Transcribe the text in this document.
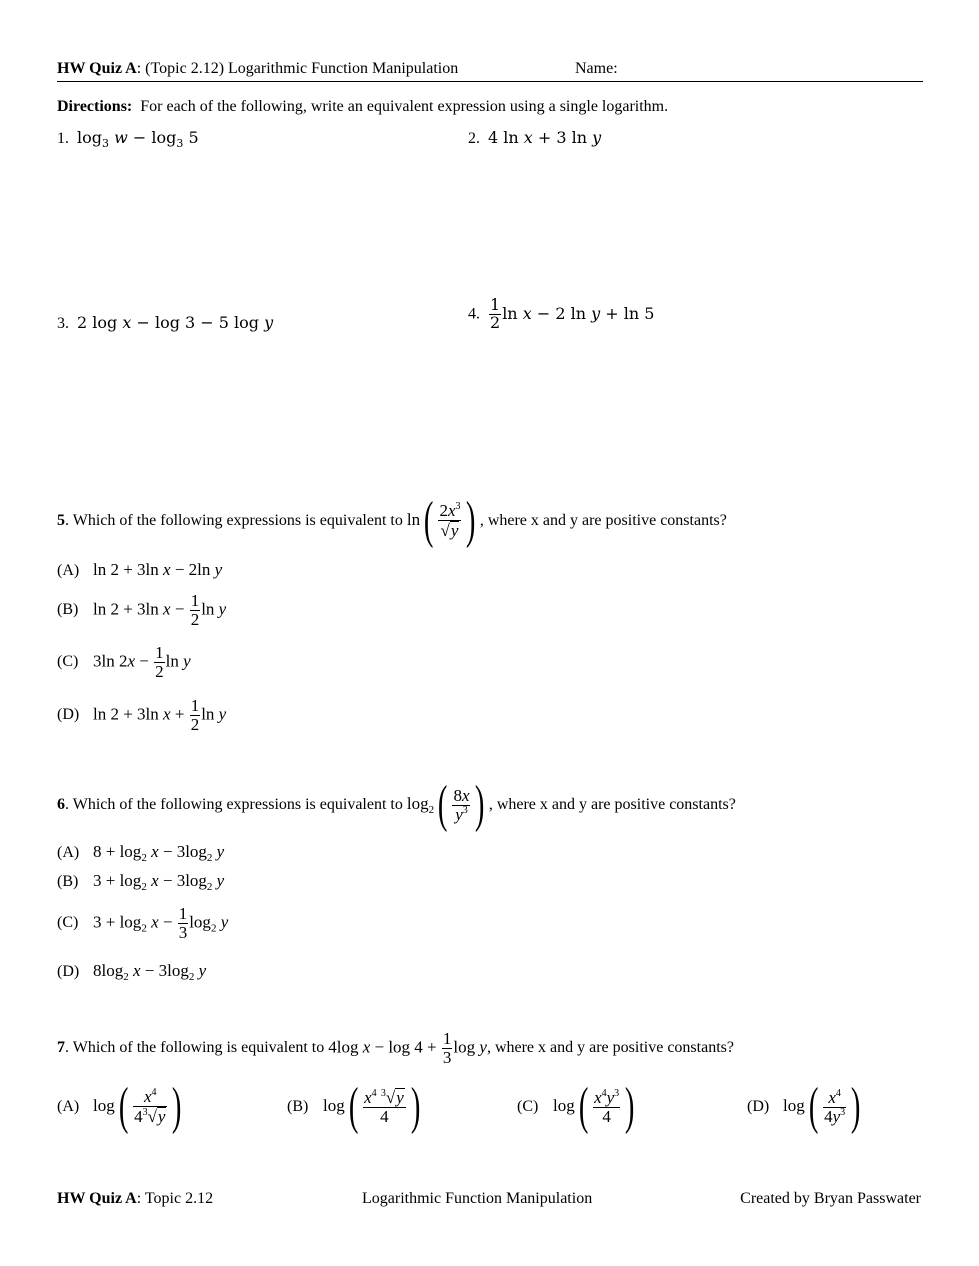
HW Quiz A: (Topic 2.12) Logarithmic Function Manipulation	Name:
Directions: For each of the following, write an equivalent expression using a single logarithm.
1. $\log_3 w - \log_3 5$	2. 4 ln x + 3 ln y
3. 2 log x − log 3 − 5 log y	4. $\frac{1}{2}$ ln x − 2 ln y + ln 5
5. Which of the following expressions is equivalent to $\ln( \frac{2x^3}{√y}$ ) , where x and y are positive constants?
(A) ln 2 + 3ln x − 2ln y
(B) ln 2 + 3ln $x - \frac{1}{2}$ ln y
(C) 3ln $2x - \frac{1}{2}$ ln y
(D) ln 2 + 3ln $x + \frac{1}{2}$ ln y
6. Which of the following expressions is equivalent to $\log_2( \frac{8x}{y^3}$ ) , where x and y are positive constants?
(A) $8 + \log_2 x - 3\log_2$ y
(B) $3 + \log_2 x - 3\log_2$ y
(C) $3 + \log_2 x - \frac{1}{3} \log_2 y$
(D) $8\log_2$ $x - 3\log_2$ y
7. Which of the following is equivalent to 4log $x - \log 4 + \frac{1}{3}$ log y , where x and y are positive constants?
(A) $\log( \frac{x^4}{4^3√y}$ )	(B) $\log( \frac{x^4 ^3√y}{4}$ )	(C) $\log( \frac{x^4y^3}{4}$ )	(D) $\log( \frac{x^4}{4y^3}$ )
HW Quiz A: Topic 2.12	Logarithmic Function Manipulation	Created by Bryan Passwater
